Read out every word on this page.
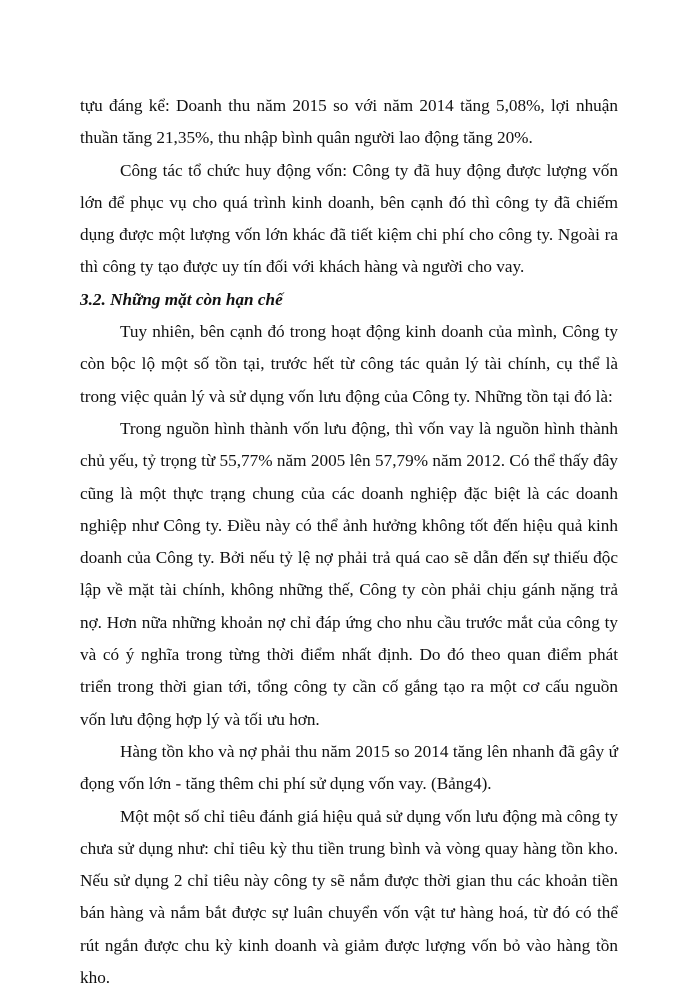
tựu đáng kể: Doanh thu năm 2015 so với năm 2014 tăng 5,08%, lợi nhuận thuần tăng 21,35%, thu nhập bình quân người lao động tăng 20%.

Công tác tổ chức huy động vốn: Công ty đã huy động được lượng vốn lớn để phục vụ cho quá trình kinh doanh, bên cạnh đó thì công ty đã chiếm dụng được một lượng vốn lớn khác đã tiết kiệm chi phí cho công ty. Ngoài ra thì công ty tạo được uy tín đối với khách hàng và người cho vay.

3.2. Những mặt còn hạn chế

Tuy nhiên, bên cạnh đó trong hoạt động kinh doanh của mình, Công ty còn bộc lộ một số tồn tại, trước hết từ công tác quản lý tài chính, cụ thể là trong việc quản lý và sử dụng vốn lưu động của Công ty. Những tồn tại đó là:

Trong nguồn hình thành vốn lưu động, thì vốn vay là nguồn hình thành chủ yếu, tỷ trọng từ 55,77% năm 2005 lên 57,79% năm 2012. Có thể thấy đây cũng là một thực trạng chung của các doanh nghiệp đặc biệt là các doanh nghiệp như Công ty. Điều này có thể ảnh hưởng không tốt đến hiệu quả kinh doanh của Công ty. Bởi nếu tỷ lệ nợ phải trả quá cao sẽ dẫn đến sự thiếu độc lập về mặt tài chính, không những thế, Công ty còn phải chịu gánh nặng trả nợ. Hơn nữa những khoản nợ chỉ đáp ứng cho nhu cầu trước mắt của công ty và có ý nghĩa trong từng thời điểm nhất định. Do đó theo quan điểm phát triển trong thời gian tới, tổng công ty cần cố gắng tạo ra một cơ cấu nguồn vốn lưu động hợp lý và tối ưu hơn.

Hàng tồn kho và nợ phải thu năm 2015 so 2014 tăng lên nhanh đã gây ứ đọng vốn lớn - tăng thêm chi phí sử dụng vốn vay. (Bảng4).

Một một số chỉ tiêu đánh giá hiệu quả sử dụng vốn lưu động mà công ty chưa sử dụng như: chỉ tiêu kỳ thu tiền trung bình và vòng quay hàng tồn kho. Nếu sử dụng 2 chỉ tiêu này công ty sẽ nắm được thời gian thu các khoản tiền bán hàng và nắm bắt được sự luân chuyển vốn vật tư hàng hoá, từ đó có thể rút ngắn được chu kỳ kinh doanh và giảm được lượng vốn bỏ vào hàng tồn kho.
